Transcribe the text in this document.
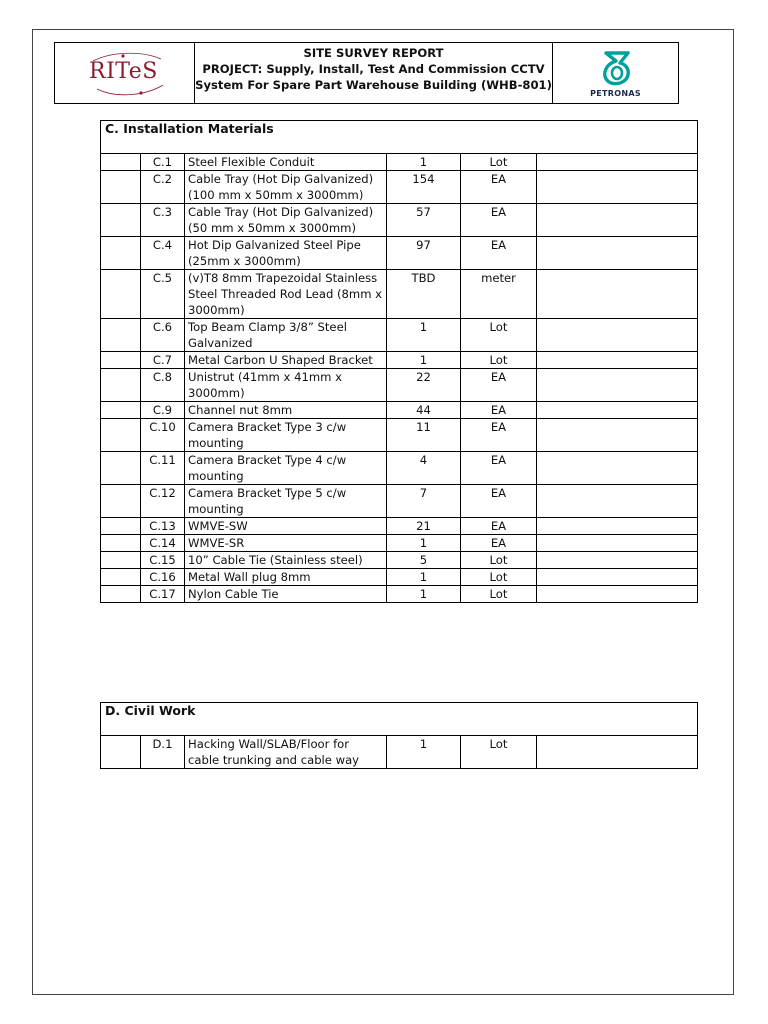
RITeS
SITE SURVEY REPORT
PROJECT: Supply, Install, Test And Commission CCTV
System For Spare Part Warehouse Building (WHB-801)
PETRONAS
C. Installation Materials					
	C.1	Steel Flexible Conduit	1	Lot	
	C.2	Cable Tray (Hot Dip Galvanized) (100 mm x 50mm x 3000mm)	154	EA	
	C.3	Cable Tray (Hot Dip Galvanized) (50 mm x 50mm x 3000mm)	57	EA	
	C.4	Hot Dip Galvanized Steel Pipe (25mm x 3000mm)	97	EA	
	C.5	(v)T8 8mm Trapezoidal Stainless Steel Threaded Rod Lead (8mm x 3000mm)	TBD	meter	
	C.6	Top Beam Clamp 3/8” Steel Galvanized	1	Lot	
	C.7	Metal Carbon U Shaped Bracket	1	Lot	
	C.8	Unistrut (41mm x 41mm x 3000mm)	22	EA	
	C.9	Channel nut 8mm	44	EA	
	C.10	Camera Bracket Type 3 c/w mounting	11	EA	
	C.11	Camera Bracket Type 4 c/w mounting	4	EA	
	C.12	Camera Bracket Type 5 c/w mounting	7	EA	
	C.13	WMVE-SW	21	EA	
	C.14	WMVE-SR	1	EA	
	C.15	10” Cable Tie (Stainless steel)	5	Lot	
	C.16	Metal Wall plug 8mm	1	Lot	
	C.17	Nylon Cable Tie	1	Lot	
D. Civil Work
	D.1	Hacking Wall/SLAB/Floor for cable trunking and cable way	1	Lot	
